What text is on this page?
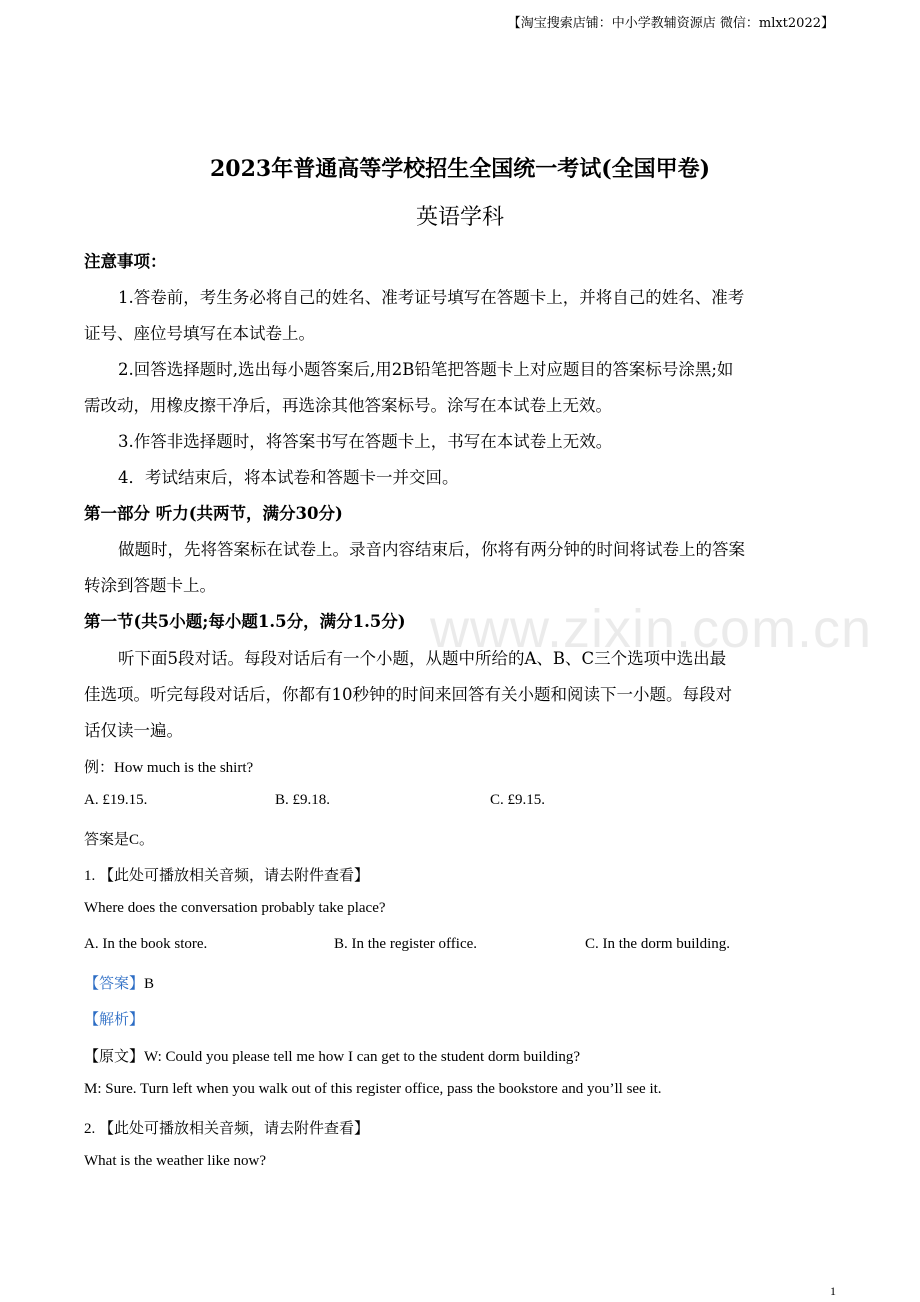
【淘宝搜索店铺：中小学教辅资源店 微信：mlxt2022】
2023年普通高等学校招生全国统一考试(全国甲卷)
英语学科
注意事项：
1.答卷前，考生务必将自己的姓名、准考证号填写在答题卡上，并将自己的姓名、准考
证号、座位号填写在本试卷上。
2.回答选择题时,选出每小题答案后,用2B铅笔把答题卡上对应题目的答案标号涂黑;如
需改动，用橡皮擦干净后，再选涂其他答案标号。涂写在本试卷上无效。
3.作答非选择题时，将答案书写在答题卡上，书写在本试卷上无效。
4．考试结束后，将本试卷和答题卡一并交回。
第一部分 听力(共两节，满分30分)
做题时，先将答案标在试卷上。录音内容结束后，你将有两分钟的时间将试卷上的答案
转涂到答题卡上。
第一节(共5小题;每小题1.5分，满分1.5分)
听下面5段对话。每段对话后有一个小题，从题中所给的A、B、C三个选项中选出最
佳选项。听完每段对话后，你都有10秒钟的时间来回答有关小题和阅读下一小题。每段对
话仅读一遍。
例：How much is the shirt?
A. £19.15.	B. £9.18.	C. £9.15.
答案是C。
1. 【此处可播放相关音频，请去附件查看】
Where does the conversation probably take place?
A. In the book store.	B. In the register office.	C. In the dorm building.
【答案】B
【解析】
【原文】W: Could you please tell me how I can get to the student dorm building?
M: Sure. Turn left when you walk out of this register office, pass the bookstore and you’ll see it.
2. 【此处可播放相关音频，请去附件查看】
What is the weather like now?
www.zixin.com.cn
1
